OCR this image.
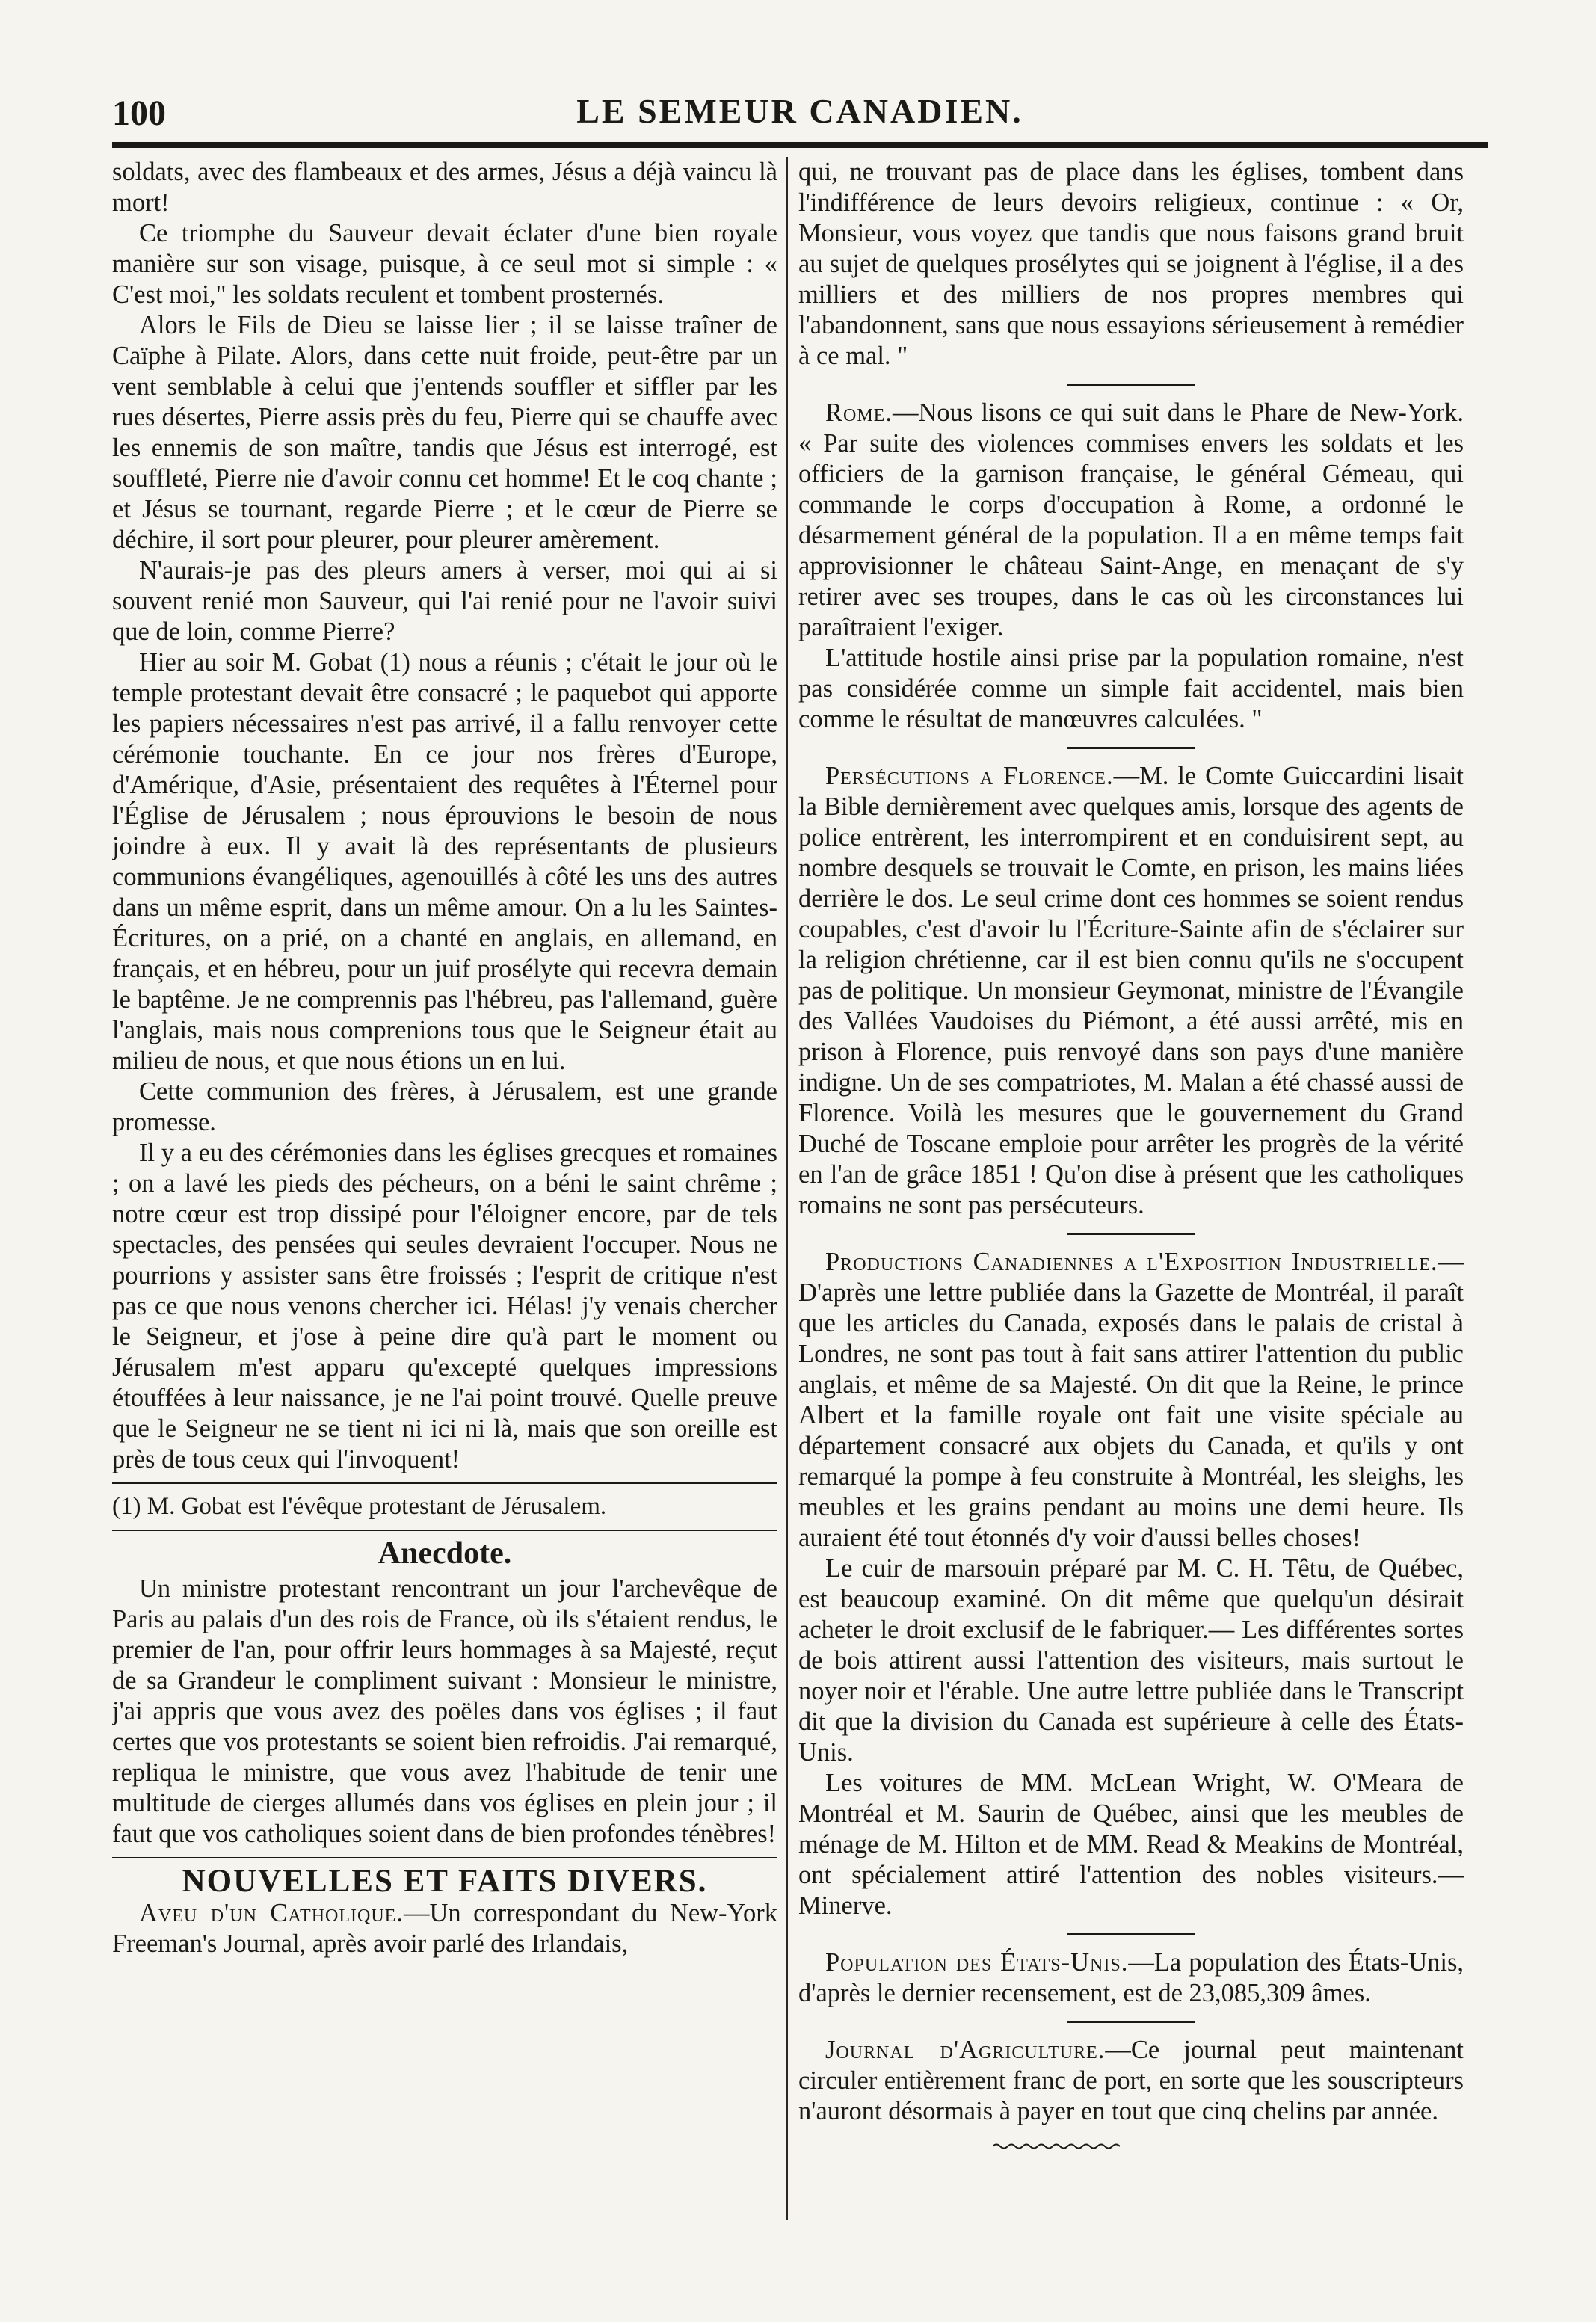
100	LE SEMEUR CANADIEN.

soldats, avec des flambeaux et des armes, Jésus a déjà vaincu là mort!

Ce triomphe du Sauveur devait éclater d'une bien royale manière sur son visage, puisque, à ce seul mot si simple : « C'est moi," les soldats reculent et tombent prosternés.

Alors le Fils de Dieu se laisse lier ; il se laisse traîner de Caïphe à Pilate. Alors, dans cette nuit froide, peut-être par un vent semblable à celui que j'entends souffler et siffler par les rues désertes, Pierre assis près du feu, Pierre qui se chauffe avec les ennemis de son maître, tandis que Jésus est interrogé, est souffleté, Pierre nie d'avoir connu cet homme! Et le coq chante ; et Jésus se tournant, regarde Pierre ; et le cœur de Pierre se déchire, il sort pour pleurer, pour pleurer amèrement.

N'aurais-je pas des pleurs amers à verser, moi qui ai si souvent renié mon Sauveur, qui l'ai renié pour ne l'avoir suivi que de loin, comme Pierre?

Hier au soir M. Gobat (1) nous a réunis ; c'était le jour où le temple protestant devait être consacré ; le paquebot qui apporte les papiers nécessaires n'est pas arrivé, il a fallu renvoyer cette cérémonie touchante. En ce jour nos frères d'Europe, d'Amérique, d'Asie, présentaient des requêtes à l'Éternel pour l'Église de Jérusalem ; nous éprouvions le besoin de nous joindre à eux. Il y avait là des représentants de plusieurs communions évangéliques, agenouillés à côté les uns des autres dans un même esprit, dans un même amour. On a lu les Saintes-Écritures, on a prié, on a chanté en anglais, en allemand, en français, et en hébreu, pour un juif prosélyte qui recevra demain le baptême. Je ne comprennis pas l'hébreu, pas l'allemand, guère l'anglais, mais nous comprenions tous que le Seigneur était au milieu de nous, et que nous étions un en lui.

Cette communion des frères, à Jérusalem, est une grande promesse.

Il y a eu des cérémonies dans les églises grecques et romaines ; on a lavé les pieds des pécheurs, on a béni le saint chrême ; notre cœur est trop dissipé pour l'éloigner encore, par de tels spectacles, des pensées qui seules devraient l'occuper. Nous ne pourrions y assister sans être froissés ; l'esprit de critique n'est pas ce que nous venons chercher ici. Hélas! j'y venais chercher le Seigneur, et j'ose à peine dire qu'à part le moment ou Jérusalem m'est apparu qu'excepté quelques impressions étouffées à leur naissance, je ne l'ai point trouvé. Quelle preuve que le Seigneur ne se tient ni ici ni là, mais que son oreille est près de tous ceux qui l'invoquent!

(1) M. Gobat est l'évêque protestant de Jérusalem.

Anecdote.

Un ministre protestant rencontrant un jour l'archevêque de Paris au palais d'un des rois de France, où ils s'étaient rendus, le premier de l'an, pour offrir leurs hommages à sa Majesté, reçut de sa Grandeur le compliment suivant : Monsieur le ministre, j'ai appris que vous avez des poëles dans vos églises ; il faut certes que vos protestants se soient bien refroidis. J'ai remarqué, repliqua le ministre, que vous avez l'habitude de tenir une multitude de cierges allumés dans vos églises en plein jour ; il faut que vos catholiques soient dans de bien profondes ténèbres!

NOUVELLES ET FAITS DIVERS.

Aveu d'un Catholique.—Un correspondant du New-York Freeman's Journal, après avoir parlé des Irlandais,

qui, ne trouvant pas de place dans les églises, tombent dans l'indifférence de leurs devoirs religieux, continue : « Or, Monsieur, vous voyez que tandis que nous faisons grand bruit au sujet de quelques prosélytes qui se joignent à l'église, il a des milliers et des milliers de nos propres membres qui l'abandonnent, sans que nous essayions sérieusement à remédier à ce mal. "

Rome.—Nous lisons ce qui suit dans le Phare de New-York. « Par suite des violences commises envers les soldats et les officiers de la garnison française, le général Gémeau, qui commande le corps d'occupation à Rome, a ordonné le désarmement général de la population. Il a en même temps fait approvisionner le château Saint-Ange, en menaçant de s'y retirer avec ses troupes, dans le cas où les circonstances lui paraîtraient l'exiger.

L'attitude hostile ainsi prise par la population romaine, n'est pas considérée comme un simple fait accidentel, mais bien comme le résultat de manœuvres calculées. "

Persécutions a Florence.—M. le Comte Guiccardini lisait la Bible dernièrement avec quelques amis, lorsque des agents de police entrèrent, les interrompirent et en conduisirent sept, au nombre desquels se trouvait le Comte, en prison, les mains liées derrière le dos. Le seul crime dont ces hommes se soient rendus coupables, c'est d'avoir lu l'Écriture-Sainte afin de s'éclairer sur la religion chrétienne, car il est bien connu qu'ils ne s'occupent pas de politique. Un monsieur Geymonat, ministre de l'Évangile des Vallées Vaudoises du Piémont, a été aussi arrêté, mis en prison à Florence, puis renvoyé dans son pays d'une manière indigne. Un de ses compatriotes, M. Malan a été chassé aussi de Florence. Voilà les mesures que le gouvernement du Grand Duché de Toscane emploie pour arrêter les progrès de la vérité en l'an de grâce 1851 ! Qu'on dise à présent que les catholiques romains ne sont pas persécuteurs.

Productions Canadiennes a l'Exposition Industrielle.—D'après une lettre publiée dans la Gazette de Montréal, il paraît que les articles du Canada, exposés dans le palais de cristal à Londres, ne sont pas tout à fait sans attirer l'attention du public anglais, et même de sa Majesté. On dit que la Reine, le prince Albert et la famille royale ont fait une visite spéciale au département consacré aux objets du Canada, et qu'ils y ont remarqué la pompe à feu construite à Montréal, les sleighs, les meubles et les grains pendant au moins une demi heure. Ils auraient été tout étonnés d'y voir d'aussi belles choses!

Le cuir de marsouin préparé par M. C. H. Têtu, de Québec, est beaucoup examiné. On dit même que quelqu'un désirait acheter le droit exclusif de le fabriquer.— Les différentes sortes de bois attirent aussi l'attention des visiteurs, mais surtout le noyer noir et l'érable. Une autre lettre publiée dans le Transcript dit que la division du Canada est supérieure à celle des États-Unis.

Les voitures de MM. McLean Wright, W. O'Meara de Montréal et M. Saurin de Québec, ainsi que les meubles de ménage de M. Hilton et de MM. Read & Meakins de Montréal, ont spécialement attiré l'attention des nobles visiteurs.—Minerve.

Population des États-Unis.—La population des États-Unis, d'après le dernier recensement, est de 23,085,309 âmes.

Journal d'Agriculture.—Ce journal peut maintenant circuler entièrement franc de port, en sorte que les souscripteurs n'auront désormais à payer en tout que cinq chelins par année.
